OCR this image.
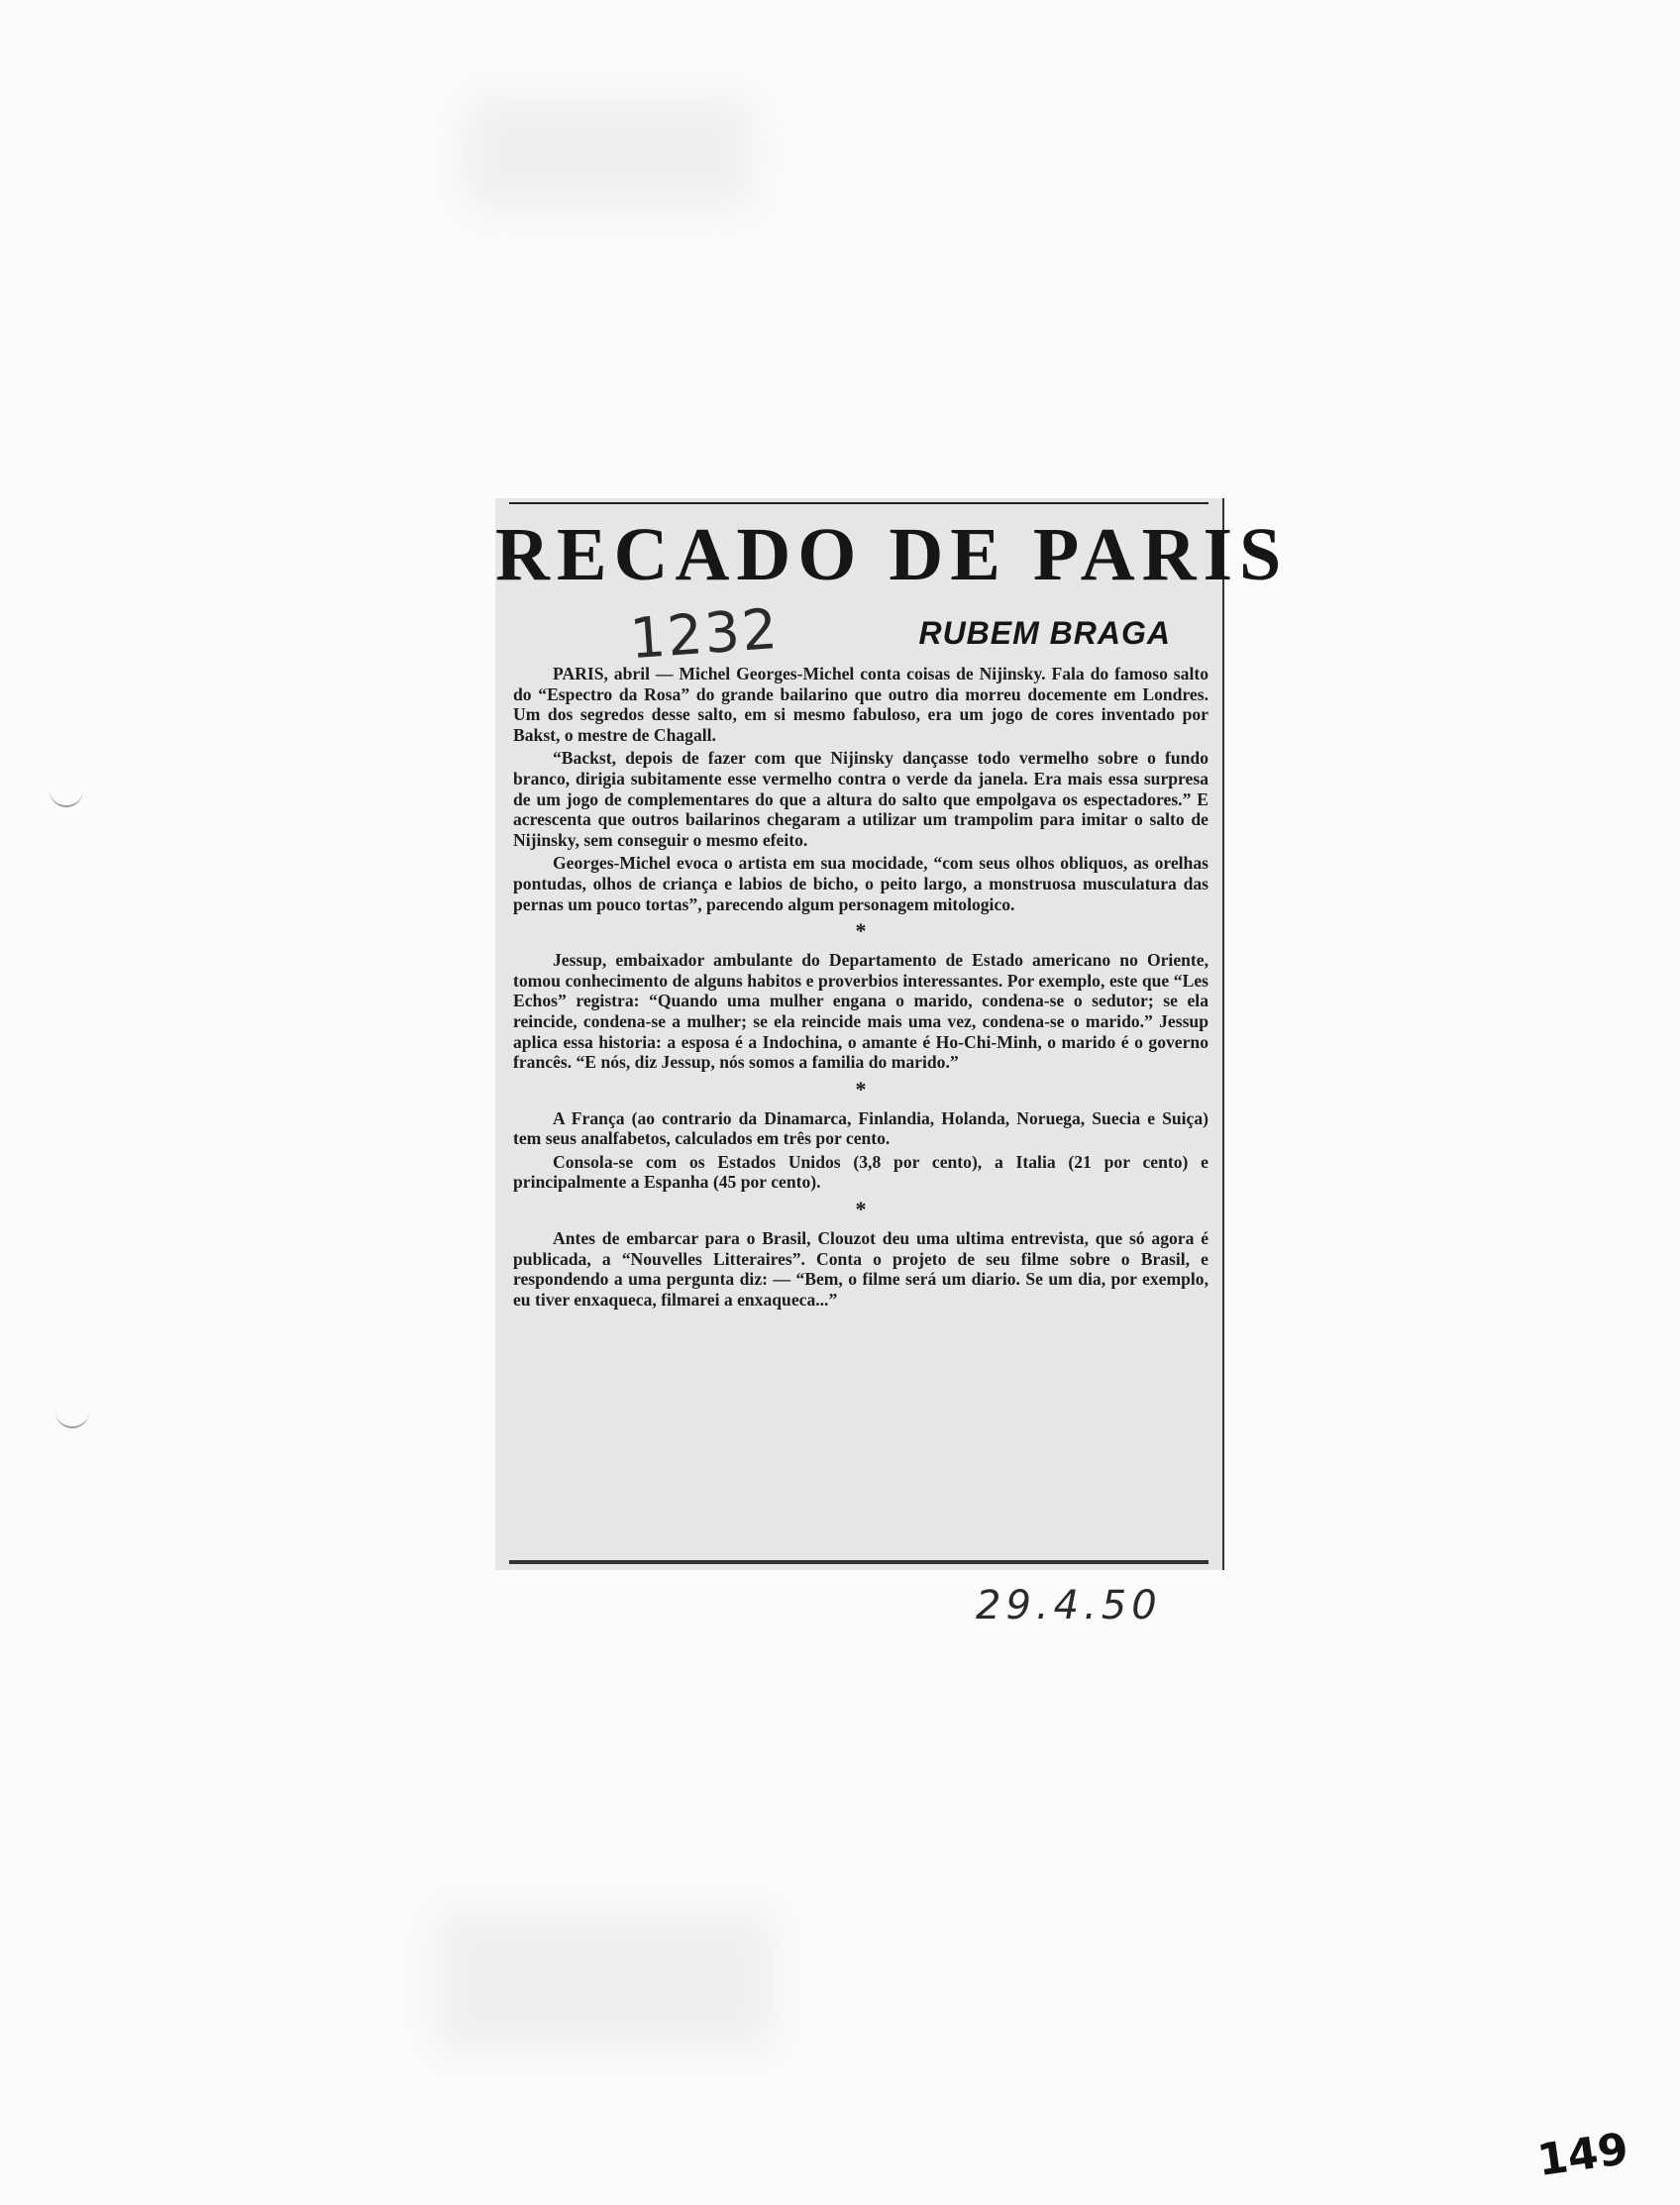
RECADO DE PARIS
1232	RUBEM BRAGA

PARIS, abril — Michel Georges-Michel conta coisas de Nijinsky. Fala do famoso salto do “Espectro da Rosa” do grande bailarino que outro dia morreu docemente em Londres. Um dos segredos desse salto, em si mesmo fabuloso, era um jogo de cores inventado por Bakst, o mestre de Chagall.

“Backst, depois de fazer com que Nijinsky dançasse todo vermelho sobre o fundo branco, dirigia subitamente esse vermelho contra o verde da janela. Era mais essa surpresa de um jogo de complementares do que a altura do salto que empolgava os espectadores.” E acrescenta que outros bailarinos chegaram a utilizar um trampolim para imitar o salto de Nijinsky, sem conseguir o mesmo efeito.

Georges-Michel evoca o artista em sua mocidade, “com seus olhos obliquos, as orelhas pontudas, olhos de criança e labios de bicho, o peito largo, a monstruosa musculatura das pernas um pouco tortas”, parecendo algum personagem mitologico.

*

Jessup, embaixador ambulante do Departamento de Estado americano no Oriente, tomou conhecimento de alguns habitos e proverbios interessantes. Por exemplo, este que “Les Echos” registra: “Quando uma mulher engana o marido, condena-se o sedutor; se ela reincide, condena-se a mulher; se ela reincide mais uma vez, condena-se o marido.” Jessup aplica essa historia: a esposa é a Indochina, o amante é Ho-Chi-Minh, o marido é o governo francês. “E nós, diz Jessup, nós somos a familia do marido.”

*

A França (ao contrario da Dinamarca, Finlandia, Holanda, Noruega, Suecia e Suiça) tem seus analfabetos, calculados em três por cento.

Consola-se com os Estados Unidos (3,8 por cento), a Italia (21 por cento) e principalmente a Espanha (45 por cento).

*

Antes de embarcar para o Brasil, Clouzot deu uma ultima entrevista, que só agora é publicada, a “Nouvelles Litteraires”. Conta o projeto de seu filme sobre o Brasil, e respondendo a uma pergunta diz: — “Bem, o filme será um diario. Se um dia, por exemplo, eu tiver enxaqueca, filmarei a enxaqueca...”

29.4.50
149
